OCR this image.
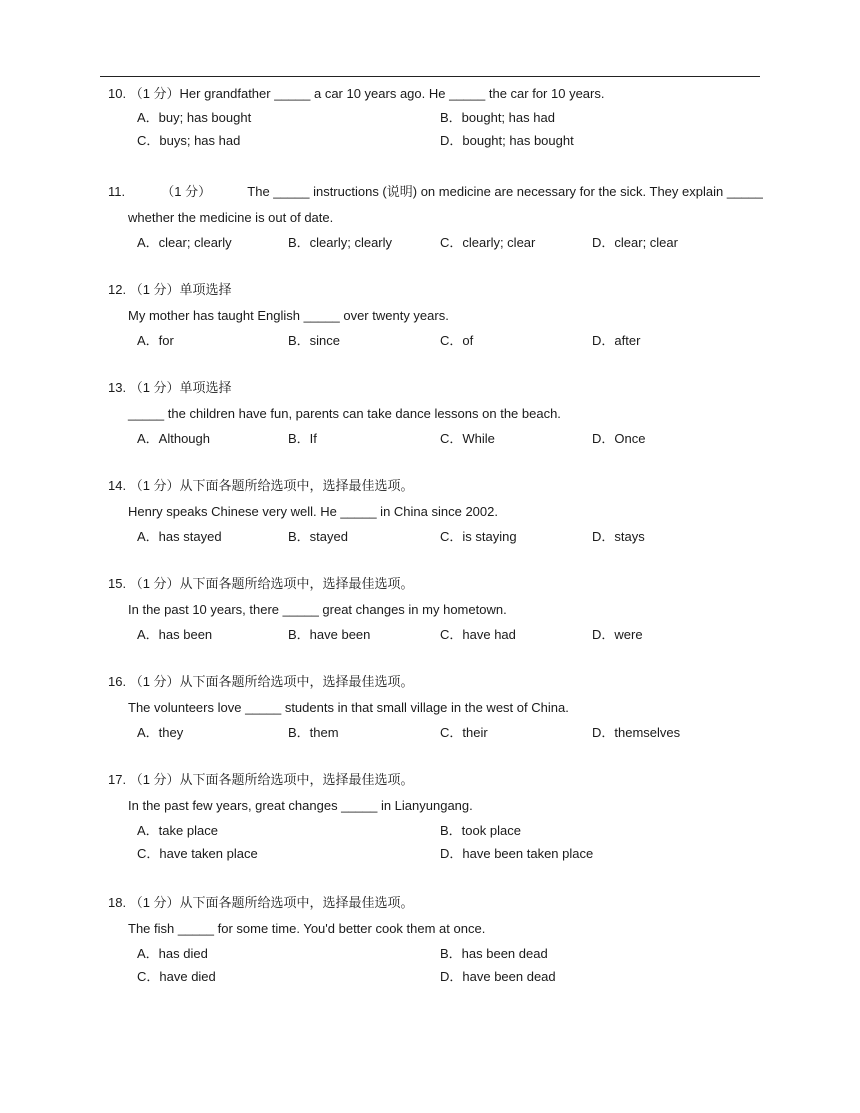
10. （1 分）Her grandfather _____ a car 10 years ago. He _____ the car for 10 years.
A．buy; has bought	B．bought; has had
C．buys; has had	D．bought; has bought
11.	（1 分）	The _____ instructions (说明) on medicine are necessary for the sick. They explain _____
whether the medicine is out of date.
A．clear; clearly	B．clearly; clearly	C．clearly; clear	D．clear; clear
12. （1 分）单项选择
My mother has taught English _____ over twenty years.
A．for	B．since	C．of	D．after
13. （1 分）单项选择
_____ the children have fun, parents can take dance lessons on the beach.
A．Although	B．If	C．While	D．Once
14. （1 分）从下面各题所给选项中，选择最佳选项。
Henry speaks Chinese very well. He _____ in China since 2002.
A．has stayed	B．stayed	C．is staying	D．stays
15. （1 分）从下面各题所给选项中，选择最佳选项。
In the past 10 years, there _____ great changes in my hometown.
A．has been	B．have been	C．have had	D．were
16. （1 分）从下面各题所给选项中，选择最佳选项。
The volunteers love _____ students in that small village in the west of China.
A．they	B．them	C．their	D．themselves
17. （1 分）从下面各题所给选项中，选择最佳选项。
In the past few years, great changes _____ in Lianyungang.
A．take place	B．took place
C．have taken place	D．have been taken place
18. （1 分）从下面各题所给选项中，选择最佳选项。
The fish _____ for some time. You'd better cook them at once.
A．has died	B．has been dead
C．have died	D．have been dead
